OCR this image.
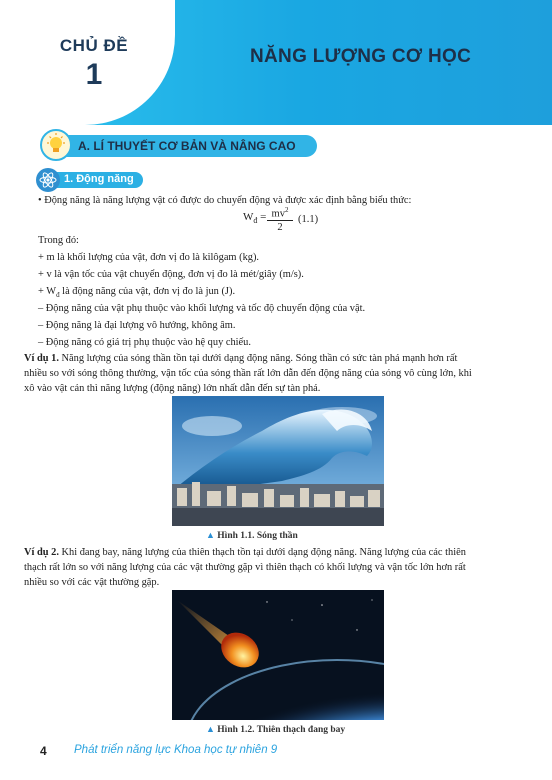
CHỦ ĐỀ
1
NĂNG LƯỢNG CƠ HỌC
A. LÍ THUYẾT CƠ BẢN VÀ NÂNG CAO
1. Động năng
• Động năng là năng lượng vật có được do chuyển động và được xác định bằng biểu thức:
$W_đ = mv^2$
2
(1.1)
Trong đó:
+ m là khối lượng của vật, đơn vị đo là kilôgam (kg).
+ v là vận tốc của vật chuyển động, đơn vị đo là mét/giây (m/s).
+ $W_đ$ là động năng của vật, đơn vị đo là jun (J).
– Động năng của vật phụ thuộc vào khối lượng và tốc độ chuyển động của vật.
– Động năng là đại lượng vô hướng, không âm.
– Động năng có giá trị phụ thuộc vào hệ quy chiếu.
Ví dụ 1. Năng lượng của sóng thần tồn tại dưới dạng động năng. Sóng thần có sức tàn phá mạnh hơn rất
nhiều so với sóng thông thường, vận tốc của sóng thần rất lớn dẫn đến động năng của sóng vô cùng lớn, khi
xô vào vật cản thì năng lượng (động năng) lớn nhất dẫn đến sự tàn phá.
▲ Hình 1.1. Sóng thần
Ví dụ 2. Khi đang bay, năng lượng của thiên thạch tồn tại dưới dạng động năng. Năng lượng của các thiên
thạch rất lớn so với năng lượng của các vật thường gặp vì thiên thạch có khối lượng và vận tốc lớn hơn rất
nhiều so với các vật thường gặp.
▲ Hình 1.2. Thiên thạch đang bay
4 Phát triển năng lực Khoa học tự nhiên 9
